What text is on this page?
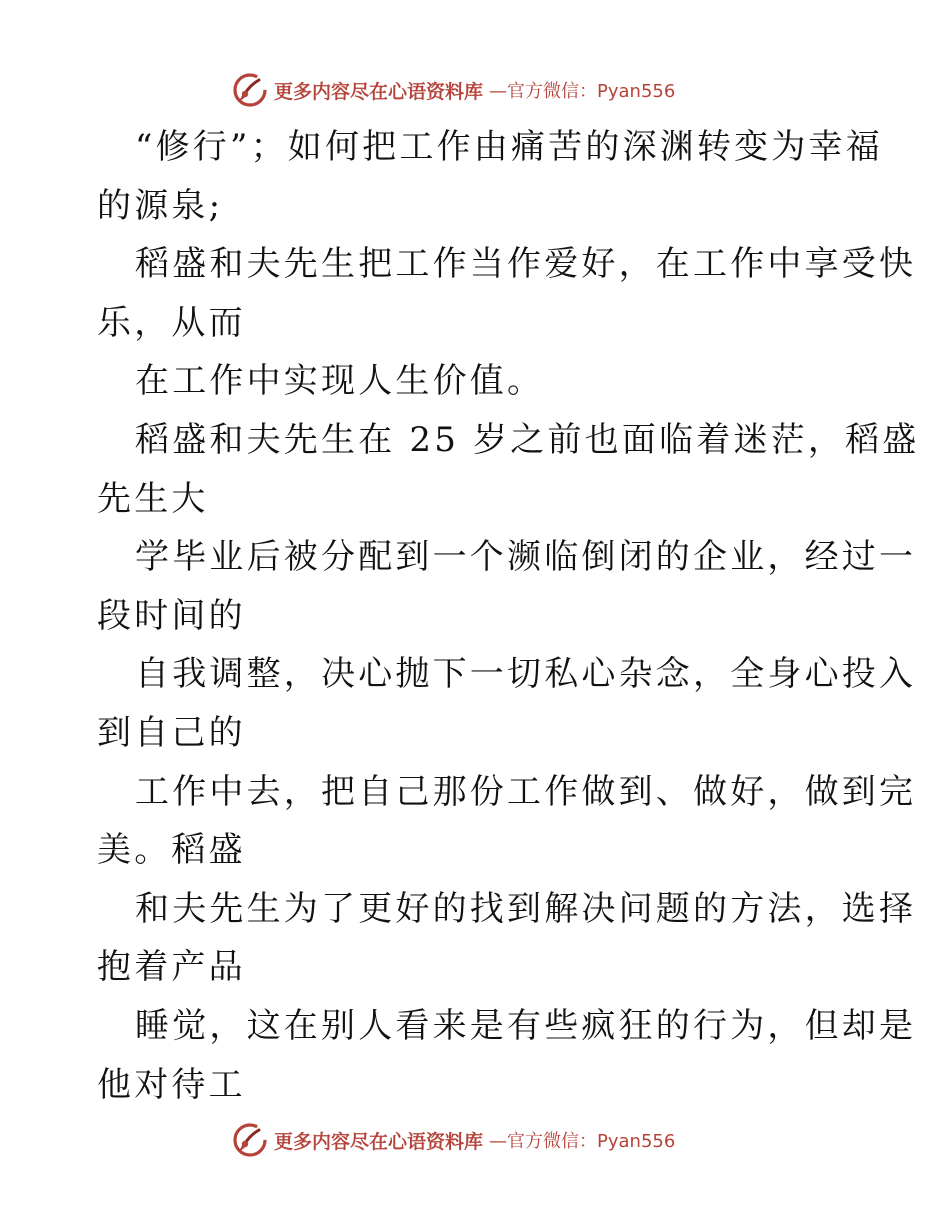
更多内容尽在心语资料库 —官方微信：Pyan556

“修行”；如何把工作由痛苦的深渊转变为幸福

的源泉;

稻盛和夫先生把工作当作爱好，在工作中享受快

乐，从而

在工作中实现人生价值。

稻盛和夫先生在 25 岁之前也面临着迷茫，稻盛

先生大

学毕业后被分配到一个濒临倒闭的企业，经过一

段时间的

自我调整，决心抛下一切私心杂念，全身心投入

到自己的

工作中去，把自己那份工作做到、做好，做到完

美。稻盛

和夫先生为了更好的找到解决问题的方法，选择

抱着产品

睡觉，这在别人看来是有些疯狂的行为，但却是

他对待工

更多内容尽在心语资料库 —官方微信：Pyan556
